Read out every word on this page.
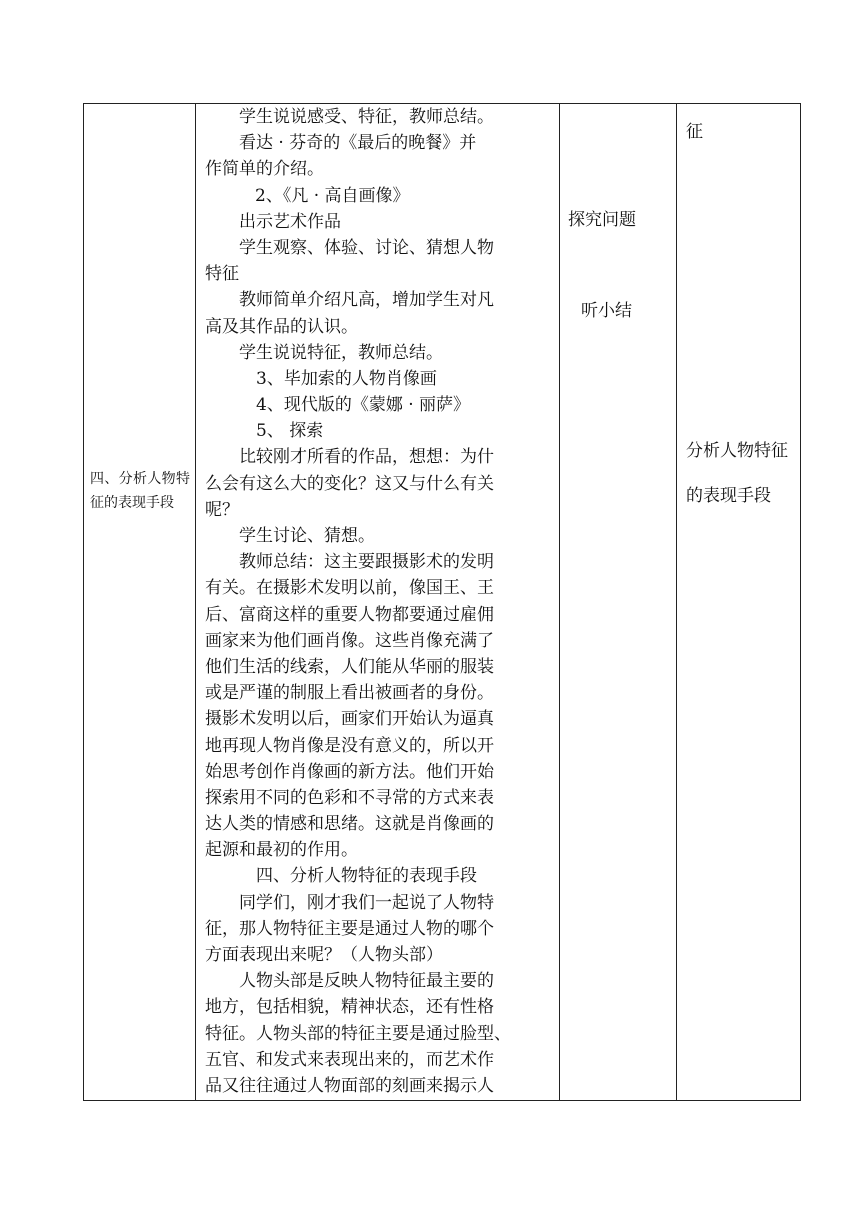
四、分析人物特征的表现手段
学生说说感受、特征，教师总结。
看达 · 芬奇的《最后的晚餐》并
作简单的介绍。
2、《凡 · 高自画像》
出示艺术作品
学生观察、体验、讨论、猜想人物
特征
教师简单介绍凡高，增加学生对凡
高及其作品的认识。
学生说说特征，教师总结。
3、毕加索的人物肖像画
4、现代版的《蒙娜 · 丽萨》
5、 探索
比较刚才所看的作品，想想：为什
么会有这么大的变化？这又与什么有关
呢？
学生讨论、猜想。
教师总结：这主要跟摄影术的发明
有关。在摄影术发明以前，像国王、王
后、富商这样的重要人物都要通过雇佣
画家来为他们画肖像。这些肖像充满了
他们生活的线索，人们能从华丽的服装
或是严谨的制服上看出被画者的身份。
摄影术发明以后，画家们开始认为逼真
地再现人物肖像是没有意义的，所以开
始思考创作肖像画的新方法。他们开始
探索用不同的色彩和不寻常的方式来表
达人类的情感和思绪。这就是肖像画的
起源和最初的作用。
四、分析人物特征的表现手段
同学们，刚才我们一起说了人物特
征，那人物特征主要是通过人物的哪个
方面表现出来呢？（人物头部）
人物头部是反映人物特征最主要的
地方，包括相貌，精神状态，还有性格
特征。人物头部的特征主要是通过脸型、
五官、和发式来表现出来的，而艺术作
品又往往通过人物面部的刻画来揭示人
探究问题
听小结
征
分析人物特征的表现手段
